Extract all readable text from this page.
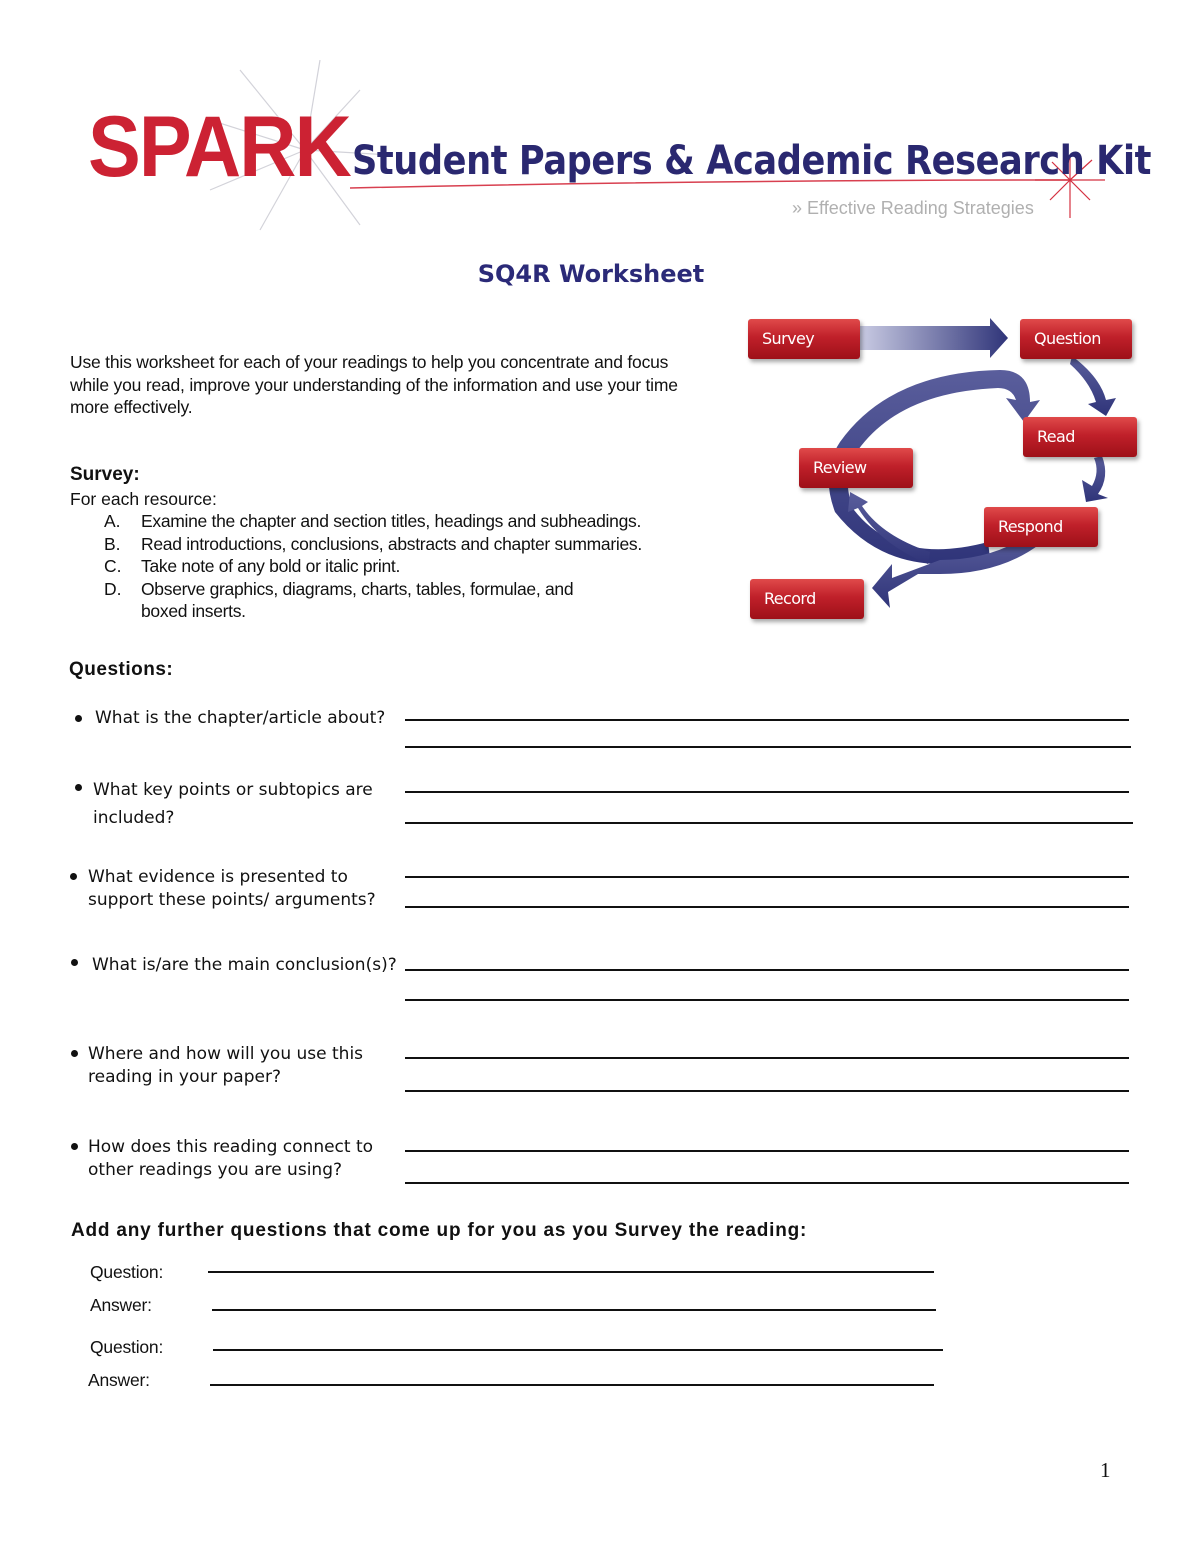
SPARK Student Papers & Academic Research Kit
» Effective Reading Strategies
SQ4R Worksheet
Use this worksheet for each of your readings to help you concentrate and focus while you read, improve your understanding of the information and use your time more effectively.
Survey:
For each resource:
A.	Examine the chapter and section titles, headings and subheadings.
B.	Read introductions, conclusions, abstracts and chapter summaries.
C.	Take note of any bold or italic print.
D.	Observe graphics, diagrams, charts, tables, formulae, and boxed inserts.
Survey	Question
Read
Respond
Record
Review
Questions:
What is the chapter/article about?
What key points or subtopics are
included?
What evidence is presented to
support these points/ arguments?
What is/are the main conclusion(s)?
Where and how will you use this
reading in your paper?
How does this reading connect to
other readings you are using?
Add any further questions that come up for you as you Survey the reading:
Question:
Answer:
Question:
Answer:
1
